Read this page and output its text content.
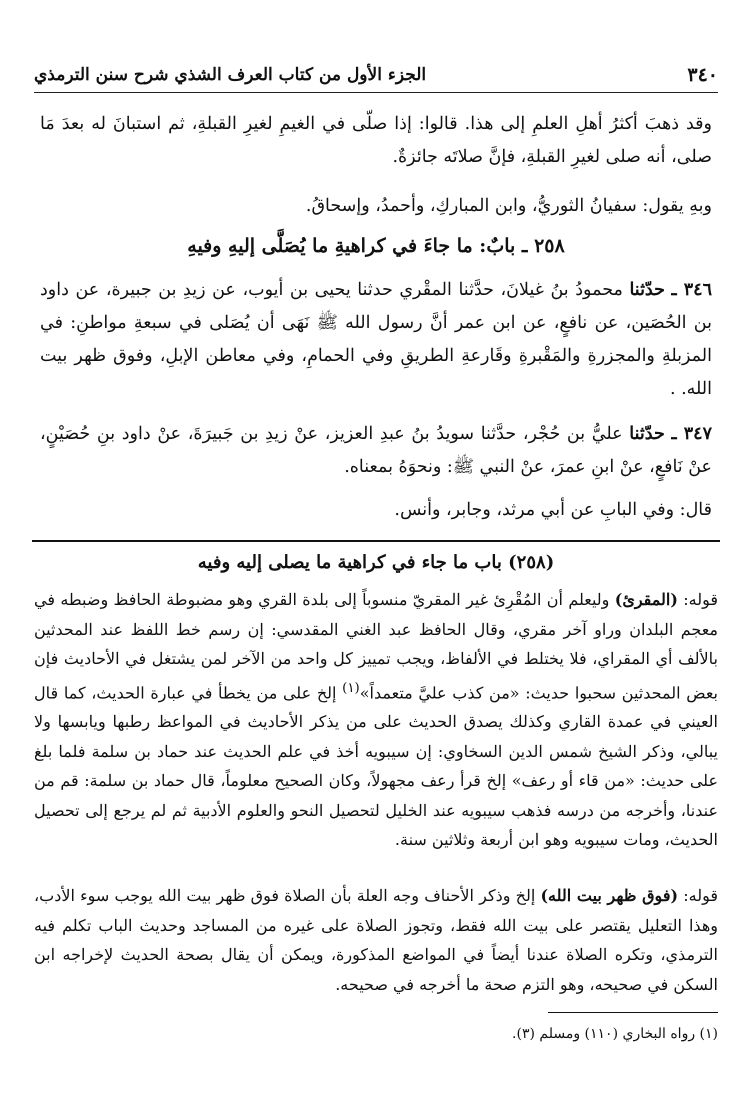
٣٤٠
الجزء الأول من كتاب العرف الشذي شرح سنن الترمذي
وقد ذهبَ أكثرُ أهلِ العلمِ إلى هذا. قالوا: إذا صلّى في الغيمِ لغيرِ القبلةِ، ثم استبانَ له بعدَ مَا صلى، أنه صلى لغيرِ القبلةِ، فإنَّ صلاتَه جائزةٌ.
وبهِ يقول: سفيانُ الثوريُّ، وابن المباركِ، وأحمدُ، وإسحاقُ.
٢٥٨ ـ بابٌ: ما جاءَ في كراهيةِ ما يُصَلَّى إليهِ وفيهِ
٣٤٦ ـ حدّثنا محمودُ بنُ غيلانَ، حدَّثنا المقْري حدثنا يحيى بن أيوب، عن زيدِ بن جبيرة، عن داود بن الحُصَين، عن نافعٍ، عن ابن عمر أنَّ رسول الله ﷺ نَهَى أن يُصَلى في سبعةِ مواطنِ: في المزبلةِ والمجزرةِ والمَقْبرةِ وقَارعةِ الطريقِ وفي الحمامِ، وفي معاطن الإبلِ، وفوق ظهر بيت الله. .
٣٤٧ ـ حدّثنا عليُّ بن حُجْر، حدَّثنا سويدُ بنُ عبدِ العزيز، عنْ زيدِ بن جَبيرَةَ، عنْ داود بنِ حُصَيْنٍ، عنْ نَافعٍ، عنْ ابنِ عمرَ، عنْ النبي ﷺ: ونحوَهُ بمعناه.
قال: وفي البابِ عن أبي مرثد، وجابر، وأنس.
(٢٥٨) باب ما جاء في كراهية ما يصلى إليه وفيه
قوله: (المقرئ) وليعلم أن المُقْرِئ غير المقريّ منسوباً إلى بلدة القري وهو مضبوطة الحافظ وضبطه في معجم البلدان وراو آخر مقري، وقال الحافظ عبد الغني المقدسي: إن رسم خط اللفظ عند المحدثين بالألف أي المقراي، فلا يختلط في الألفاظ، ويجب تمييز كل واحد من الآخر لمن يشتغل في الأحاديث فإن بعض المحدثين سحبوا حديث: «من كذب عليَّ متعمداً»$^{(١)}$ إلخ على من يخطأ في عبارة الحديث، كما قال العيني في عمدة القاري وكذلك يصدق الحديث على من يذكر الأحاديث في المواعظ رطبها ويابسها ولا يبالي، وذكر الشيخ شمس الدين السخاوي: إن سيبويه أخذ في علم الحديث عند حماد بن سلمة فلما بلغ على حديث: «من قاء أو رعف» إلخ قرأ رعف مجهولاً، وكان الصحيح معلوماً، قال حماد بن سلمة: قم من عندنا، وأخرجه من درسه فذهب سيبويه عند الخليل لتحصيل النحو والعلوم الأدبية ثم لم يرجع إلى تحصيل الحديث، ومات سيبويه وهو ابن أربعة وثلاثين سنة.
قوله: (فوق ظهر بيت الله) إلخ وذكر الأحناف وجه العلة بأن الصلاة فوق ظهر بيت الله يوجب سوء الأدب، وهذا التعليل يقتصر على بيت الله فقط، وتجوز الصلاة على غيره من المساجد وحديث الباب تكلم فيه الترمذي، وتكره الصلاة عندنا أيضاً في المواضع المذكورة، ويمكن أن يقال بصحة الحديث لإخراجه ابن السكن في صحيحه، وهو التزم صحة ما أخرجه في صحيحه.
(١) رواه البخاري (١١٠) ومسلم (٣).
